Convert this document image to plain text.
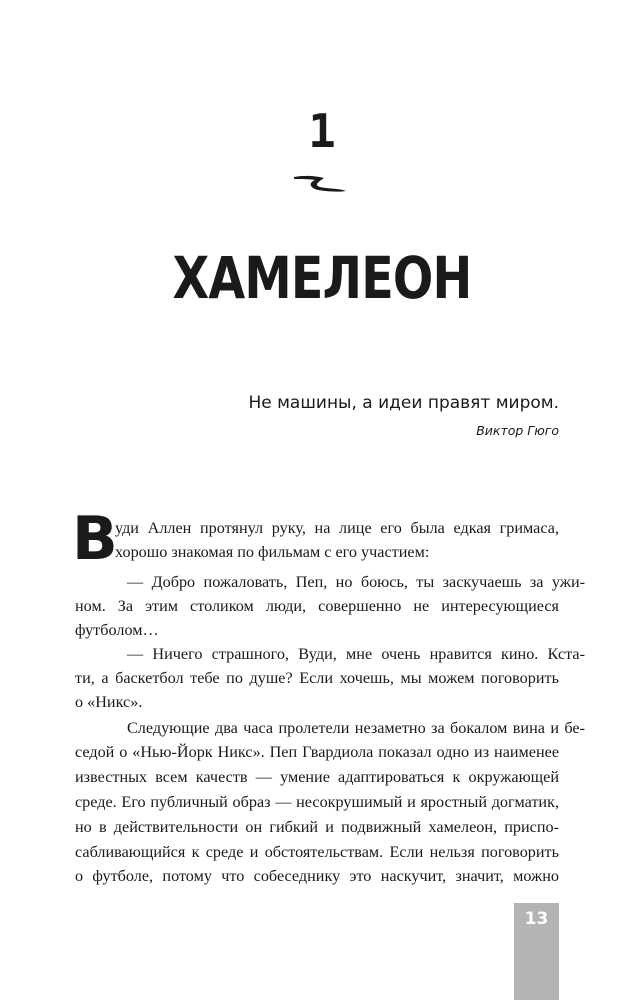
1
ХАМЕЛЕОН
Не машины, а идеи правят миром.
Виктор Гюго
В
уди Аллен протянул руку, на лице его была едкая гримаса,
хорошо знакомая по фильмам с его участием:
— Добро пожаловать, Пеп, но боюсь, ты заскучаешь за ужи-
ном. За этим столиком люди, совершенно не интересующиеся
футболом…
— Ничего страшного, Вуди, мне очень нравится кино. Кста-
ти, а баскетбол тебе по душе? Если хочешь, мы можем поговорить
о «Никс».
Следующие два часа пролетели незаметно за бокалом вина и бе-
седой о «Нью-Йорк Никс». Пеп Гвардиола показал одно из наименее
известных всем качеств — умение адаптироваться к окружающей
среде. Его публичный образ — несокрушимый и яростный догматик,
но в действительности он гибкий и подвижный хамелеон, приспо-
сабливающийся к среде и обстоятельствам. Если нельзя поговорить
о футболе, потому что собеседнику это наскучит, значит, можно
13
